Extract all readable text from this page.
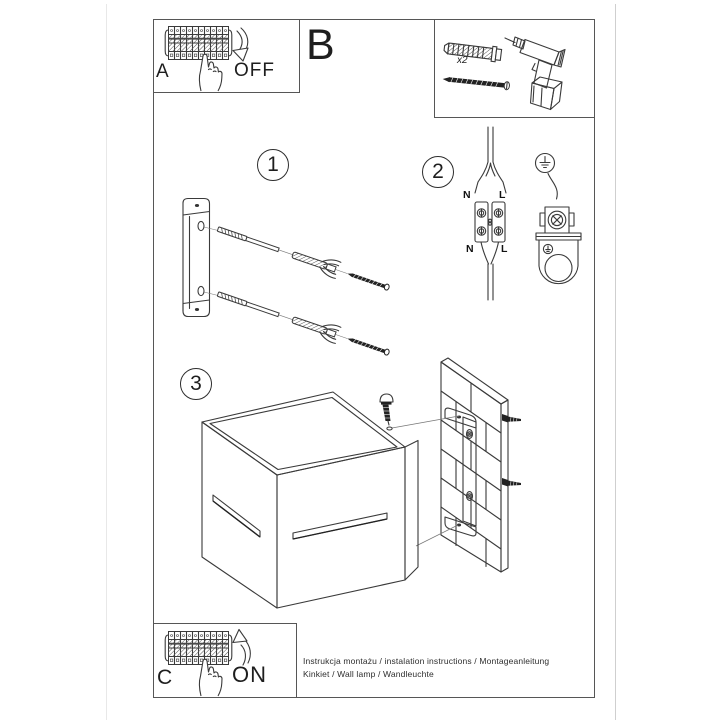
A	OFF
B	x2
1	2
N	L
N	L
3
C	ON
Instrukcja montażu / instalation instructions / Montageanleitung
Kinkiet / Wall lamp / Wandleuchte
